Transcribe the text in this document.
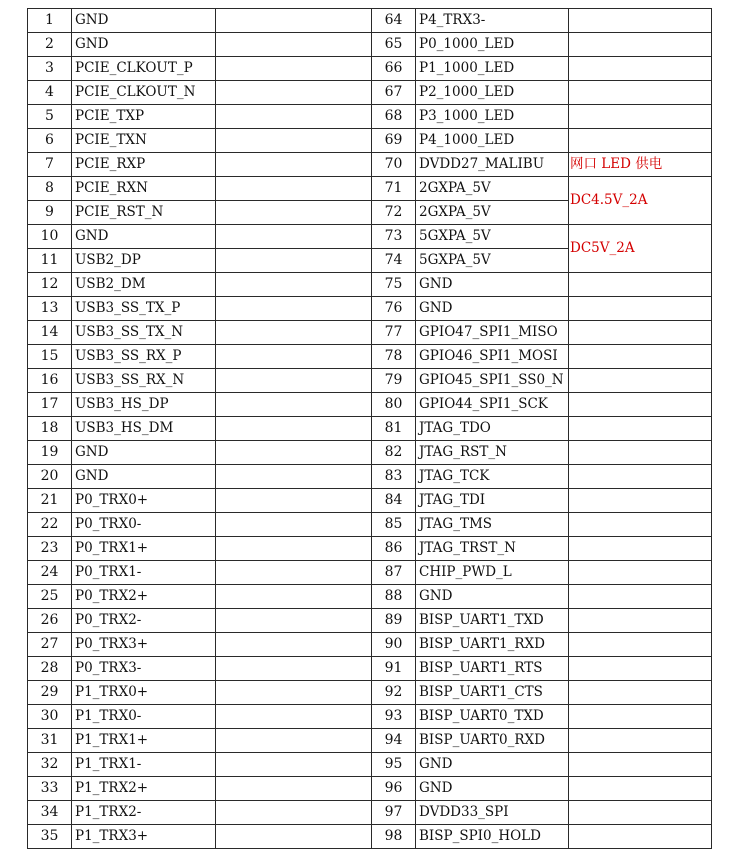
1	GND		64	P4_TRX3-	
2	GND		65	P0_1000_LED	
3	PCIE_CLKOUT_P		66	P1_1000_LED	
4	PCIE_CLKOUT_N		67	P2_1000_LED	
5	PCIE_TXP		68	P3_1000_LED	
6	PCIE_TXN		69	P4_1000_LED	
7	PCIE_RXP		70	DVDD27_MALIBU	网口 LED 供电
8	PCIE_RXN		71	2GXPA_5V	DC4.5V_2A
9	PCIE_RST_N		72	2GXPA_5V	
10	GND		73	5GXPA_5V	DC5V_2A
11	USB2_DP		74	5GXPA_5V	
12	USB2_DM		75	GND	
13	USB3_SS_TX_P		76	GND	
14	USB3_SS_TX_N		77	GPIO47_SPI1_MISO	
15	USB3_SS_RX_P		78	GPIO46_SPI1_MOSI	
16	USB3_SS_RX_N		79	GPIO45_SPI1_SS0_N	
17	USB3_HS_DP		80	GPIO44_SPI1_SCK	
18	USB3_HS_DM		81	JTAG_TDO	
19	GND		82	JTAG_RST_N	
20	GND		83	JTAG_TCK	
21	P0_TRX0+		84	JTAG_TDI	
22	P0_TRX0-		85	JTAG_TMS	
23	P0_TRX1+		86	JTAG_TRST_N	
24	P0_TRX1-		87	CHIP_PWD_L	
25	P0_TRX2+		88	GND	
26	P0_TRX2-		89	BISP_UART1_TXD	
27	P0_TRX3+		90	BISP_UART1_RXD	
28	P0_TRX3-		91	BISP_UART1_RTS	
29	P1_TRX0+		92	BISP_UART1_CTS	
30	P1_TRX0-		93	BISP_UART0_TXD	
31	P1_TRX1+		94	BISP_UART0_RXD	
32	P1_TRX1-		95	GND	
33	P1_TRX2+		96	GND	
34	P1_TRX2-		97	DVDD33_SPI	
35	P1_TRX3+		98	BISP_SPI0_HOLD	
